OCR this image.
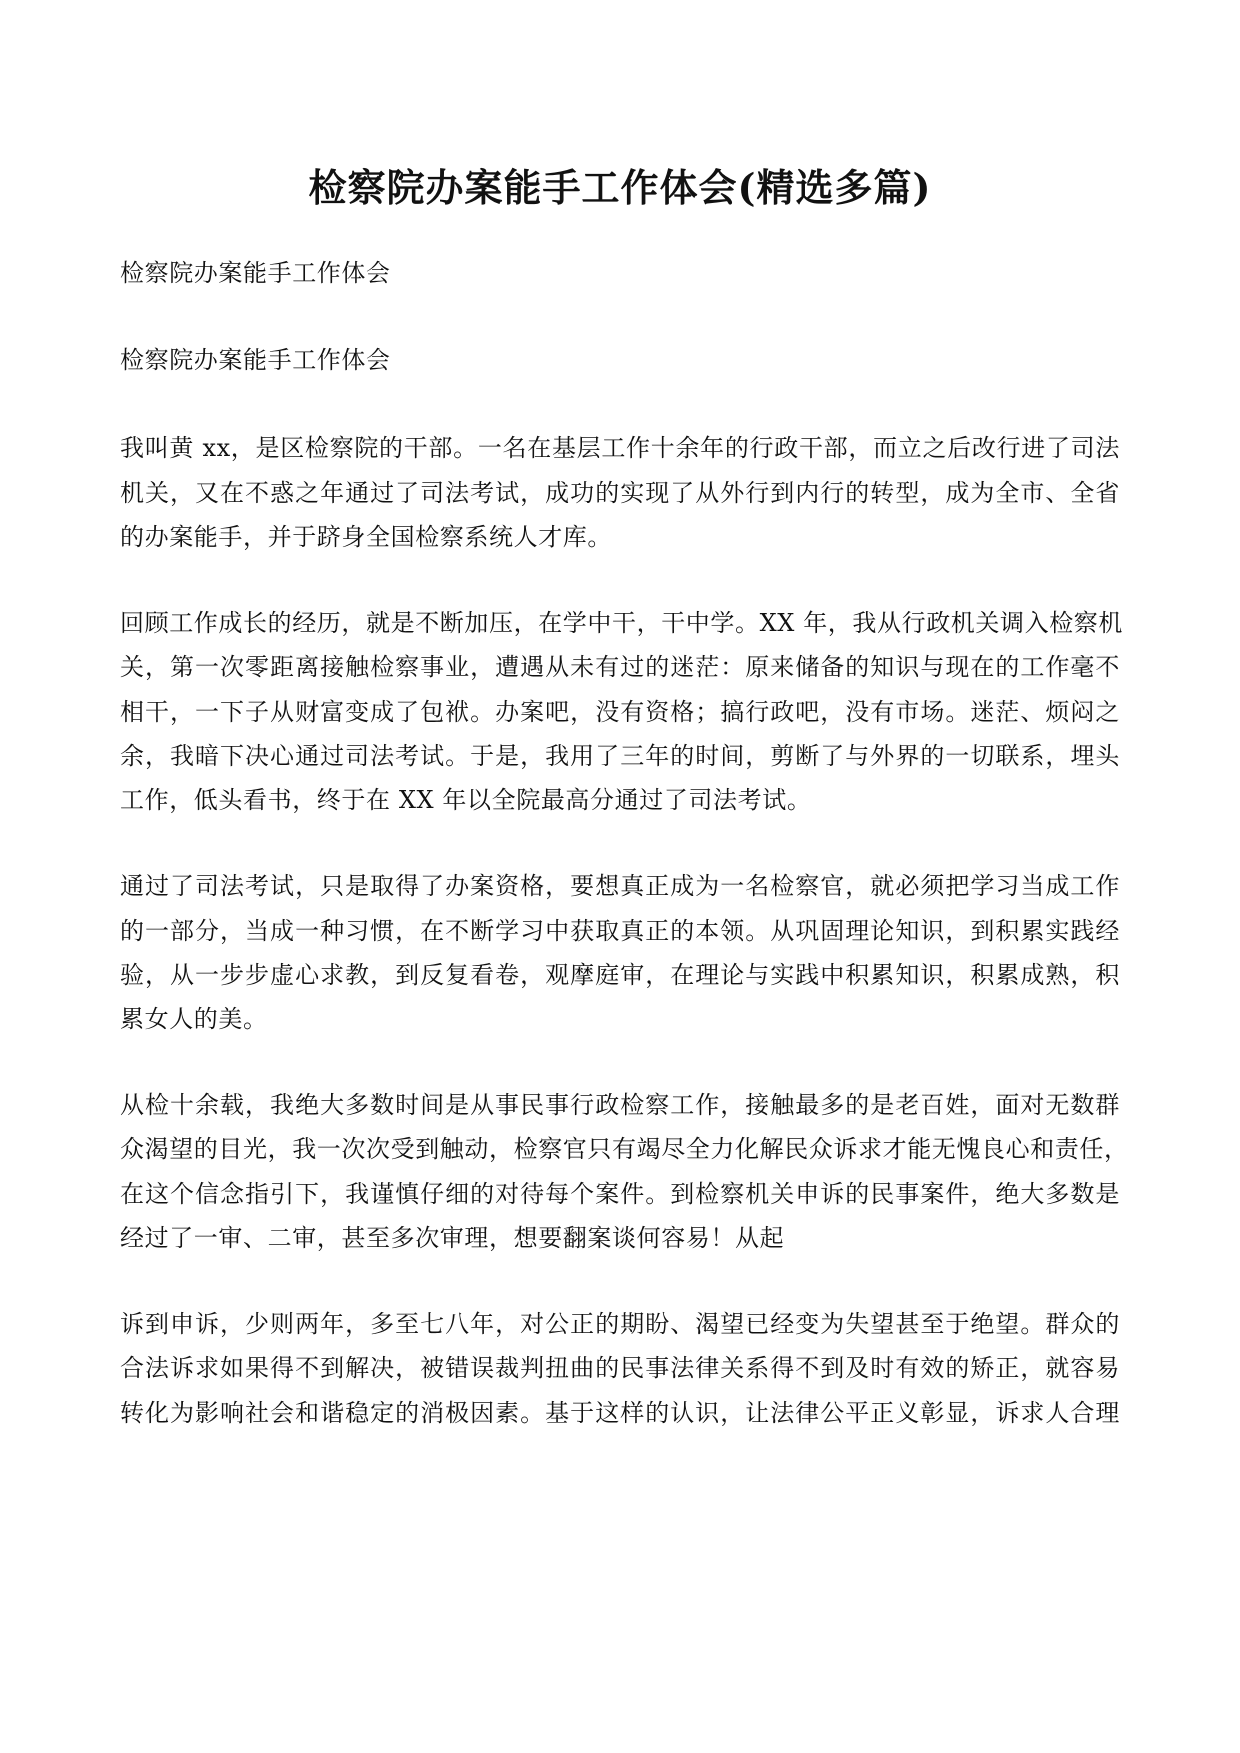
检察院办案能手工作体会(精选多篇)

检察院办案能手工作体会

检察院办案能手工作体会

我叫黄 xx，是区检察院的干部。一名在基层工作十余年的行政干部，而立之后改行进了司法

机关，又在不惑之年通过了司法考试，成功的实现了从外行到内行的转型，成为全市、全省

的办案能手，并于跻身全国检察系统人才库。

回顾工作成长的经历，就是不断加压，在学中干，干中学。XX 年，我从行政机关调入检察机

关，第一次零距离接触检察事业，遭遇从未有过的迷茫：原来储备的知识与现在的工作毫不

相干，一下子从财富变成了包袱。办案吧，没有资格；搞行政吧，没有市场。迷茫、烦闷之

余，我暗下决心通过司法考试。于是，我用了三年的时间，剪断了与外界的一切联系，埋头

工作，低头看书，终于在 XX 年以全院最高分通过了司法考试。

通过了司法考试，只是取得了办案资格，要想真正成为一名检察官，就必须把学习当成工作

的一部分，当成一种习惯，在不断学习中获取真正的本领。从巩固理论知识，到积累实践经

验，从一步步虚心求教，到反复看卷，观摩庭审，在理论与实践中积累知识，积累成熟，积

累女人的美。

从检十余载，我绝大多数时间是从事民事行政检察工作，接触最多的是老百姓，面对无数群

众渴望的目光，我一次次受到触动，检察官只有竭尽全力化解民众诉求才能无愧良心和责任，

在这个信念指引下，我谨慎仔细的对待每个案件。到检察机关申诉的民事案件，绝大多数是

经过了一审、二审，甚至多次审理，想要翻案谈何容易！从起

诉到申诉，少则两年，多至七八年，对公正的期盼、渴望已经变为失望甚至于绝望。群众的

合法诉求如果得不到解决，被错误裁判扭曲的民事法律关系得不到及时有效的矫正，就容易

转化为影响社会和谐稳定的消极因素。基于这样的认识，让法律公平正义彰显，诉求人合理
